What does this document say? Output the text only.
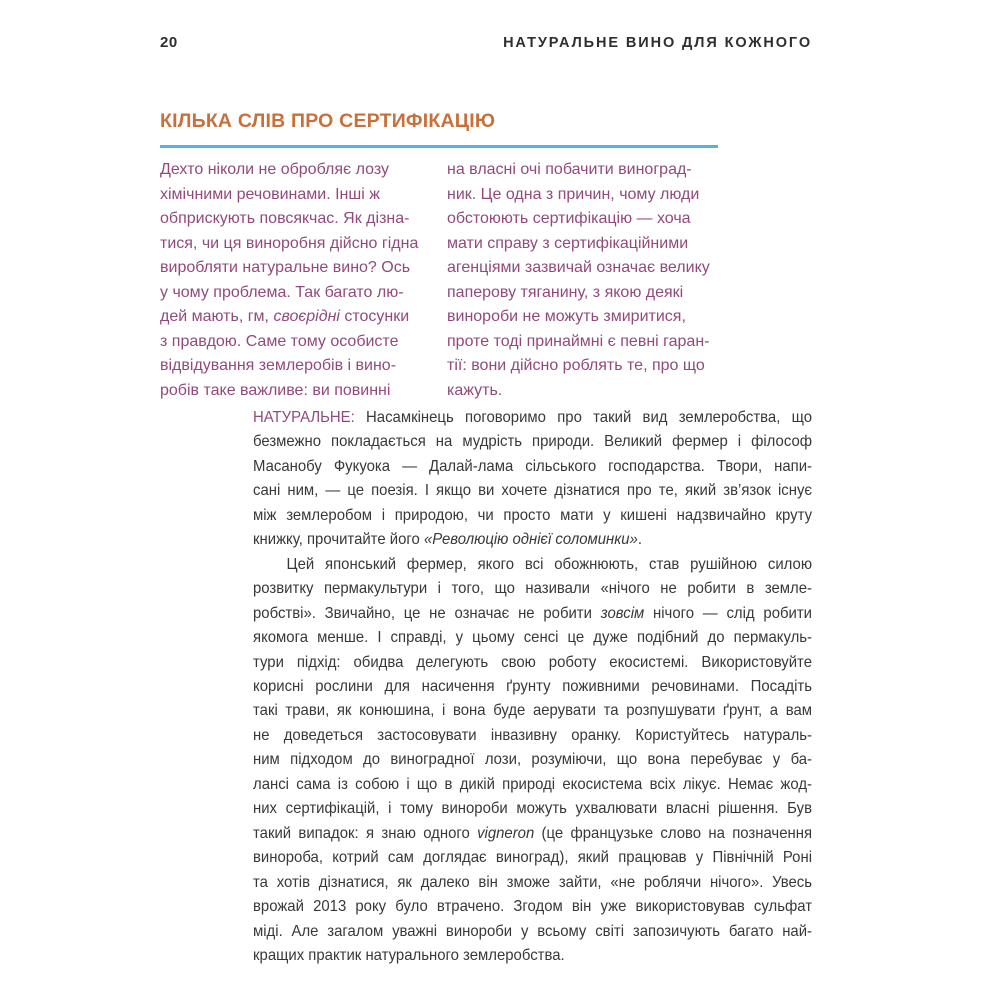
20	НАТУРАЛЬНЕ ВИНО ДЛЯ КОЖНОГО
КІЛЬКА СЛІВ ПРО СЕРТИФІКАЦІЮ
Дехто ніколи не обробляє лозу
хімічними речовинами. Інші ж
обприскують повсякчас. Як дізна-
тися, чи ця виноробня дійсно гідна
виробляти натуральне вино? Ось
у чому проблема. Так багато лю-
дей мають, гм, своєрідні стосунки
з правдою. Саме тому особисте
відвідування землеробів і вино-
робів таке важливе: ви повинні
на власні очі побачити виноград-
ник. Це одна з причин, чому люди
обстоюють сертифікацію — хоча
мати справу з сертифікаційними
агенціями зазвичай означає велику
паперову тяганину, з якою деякі
винороби не можуть змиритися,
проте тоді принаймні є певні гаран-
тії: вони дійсно роблять те, про що
кажуть.
НАТУРАЛЬНЕ: Насамкінець поговоримо про такий вид землеробства, що
безмежно покладається на мудрість природи. Великий фермер і філософ
Масанобу Фукуока — Далай-лама сільського господарства. Твори, напи-
сані ним, — це поезія. І якщо ви хочете дізнатися про те, який зв’язок існує
між землеробом і природою, чи просто мати у кишені надзвичайно круту
книжку, прочитайте його «Революцію однієї соломинки».
Цей японський фермер, якого всі обожнюють, став рушійною силою
розвитку пермакультури і того, що називали «нічого не робити в земле-
робстві». Звичайно, це не означає не робити зовсім нічого — слід робити
якомога менше. І справді, у цьому сенсі це дуже подібний до пермакуль-
тури підхід: обидва делегують свою роботу екосистемі. Використовуйте
корисні рослини для насичення ґрунту поживними речовинами. Посадіть
такі трави, як конюшина, і вона буде аерувати та розпушувати ґрунт, а вам
не доведеться застосовувати інвазивну оранку. Користуйтесь натураль-
ним підходом до виноградної лози, розуміючи, що вона перебуває у ба-
лансі сама із собою і що в дикій природі екосистема всіх лікує. Немає жод-
них сертифікацій, і тому винороби можуть ухвалювати власні рішення. Був
такий випадок: я знаю одного vigneron (це французьке слово на позначення
винороба, котрий сам доглядає виноград), який працював у Північній Роні
та хотів дізнатися, як далеко він зможе зайти, «не роблячи нічого». Увесь
врожай 2013 року було втрачено. Згодом він уже використовував сульфат
міді. Але загалом уважні винороби у всьому світі запозичують багато най-
кращих практик натурального землеробства.
